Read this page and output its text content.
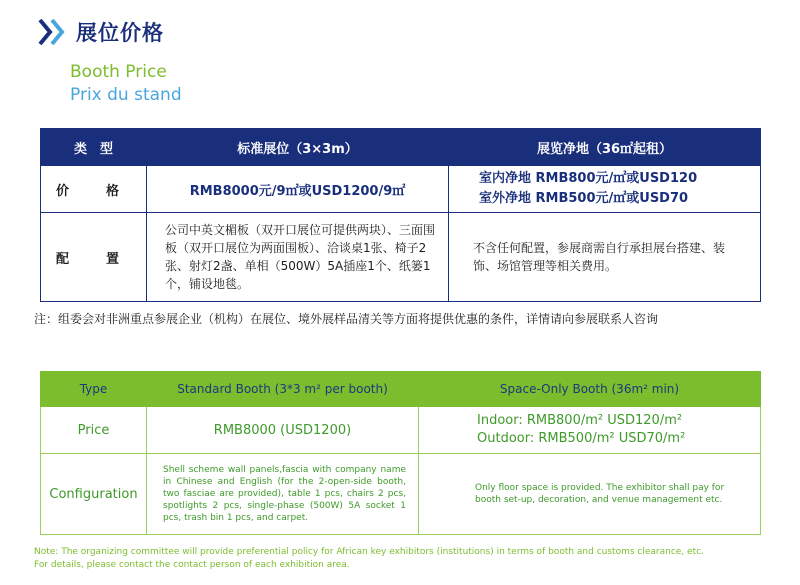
展位价格
Booth Price
Prix du stand
类　型	标准展位（3×3m）	展览净地（36㎡起租）
价　格	RMB8000元/9㎡或USD1200/9㎡	室内净地 RMB800元/㎡或USD120
室外净地 RMB500元/㎡或USD70

配　置	公司中英文楣板（双开口展位可提供两块）、三面围板（双开口展位为两面围板）、洽谈桌1张、椅子2张、射灯2盏、单相（500W）5A插座1个、纸篓1个，铺设地毯。	不含任何配置，参展商需自行承担展台搭建、装饰、场馆管理等相关费用。
注：组委会对非洲重点参展企业（机构）在展位、境外展样品清关等方面将提供优惠的条件，详情请向参展联系人咨询
Type	Standard Booth (3*3 m² per booth)	Space-Only Booth (36m² min)
Price	RMB8000 (USD1200)	Indoor: RMB800/m² USD120/m²
Outdoor: RMB500/m² USD70/m²

Configuration	Shell scheme wall panels,fascia with company name in Chinese and English (for the 2-open-side booth, two fasciae are provided), table 1 pcs, chairs 2 pcs, spotlights 2 pcs, single-phase (500W) 5A socket 1 pcs, trash bin 1 pcs, and carpet.	Only floor space is provided. The exhibitor shall pay for booth set-up, decoration, and venue management etc.
Note: The organizing committee will provide preferential policy for African key exhibitors (institutions) in terms of booth and customs clearance, etc.
For details, please contact the contact person of each exhibition area.
